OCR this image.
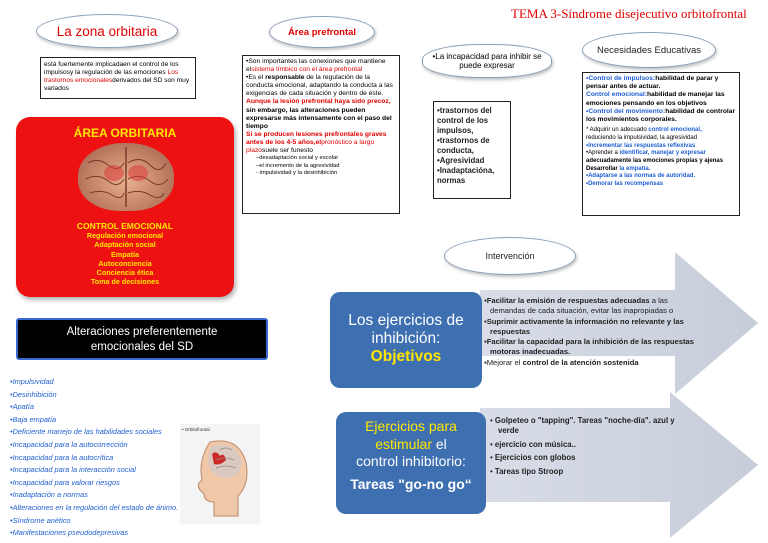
TEMA 3-Síndrome disejecutivo orbitofrontal
La zona orbitaria
está fuertemente implicadaen el control de los impulsosy la regulación de las emociones Los trastornos emocionalesderivados del SD son muy variados
ÁREA ORBITARIA
CONTROL EMOCIONAL
Regulación emocional
Adaptación social
Empatía
Autoconciencia
Conciencia ética
Toma de decisiones
Alteraciones preferentemente
emocionales del SD
•Impulsividad
•Desinhibición
•Apatía
•Baja empatía
•Deficiente manejo de las habilidades sociales
•Incapacidad para la autocorrección
•Incapacidad para la autocrítica
•Incapacidad para la interacción social
•Incapacidad para valorar riesgos
•Inadaptación a normas
•Alteraciones en la regulación del estado de ánimo.
•Síndrome anético
•Manifestaciones pseudodepresivas
• Orbitofrontal
Área prefrontal
•Son importantes las conexiones que mantiene elsistema límbico con el área prefrontal
•Es el responsable de la regulación de la conducta emocional, adaptando la conducta a las exigencias de cada situación y dentro de éste.
Aunque la lesión prefrontal haya sido precoz, sin embargo, las alteraciones pueden expresarse más intensamente con el paso del tiempo
Si se producen lesiones prefrontales graves antes de los 4-5 años,elpronóstico a largo plazosuele ser funesto
–desadaptación social y escolar
–el incremento de la agresividad
- impulsividad y la desinhibición
•La incapacidad para inhibir se puede expresar
•trastornos del control de los impulsos,
•trastornos de conducta,
•Agresividad
•Inadaptacióna, normas
Necesidades Educativas
•Control de impulsos:habilidad de parar y pensar antes de actuar.
Control emocional:habilidad de manejar las emociones pensando en los objetivos
•Control del movimiento:habilidad de controlar los movimientos corporales.
* Adquirir un adecuado control emocional,
reduciendo la impulsividad, la agresividad
•Incrementar las respuestas reflexivas
•Aprender a identificar, manejar y expresar adecuadamente las emociones propias y ajenas
Desarrollar la empatía.
•Adaptarse a las normas de autoridad.
•Demorar las recompensas
Intervención
Los ejercicios de
inhibición:
Objetivos
▪Facilitar la emisión de respuestas adecuadas a las demandas de cada situación, evitar las inapropiadas o
▪Suprimir activamente la información no relevante y las respuestas
▪Facilitar la capacidad para la inhibición de las respuestas motoras inadecuadas.
▪Mejorar el control de la atención sostenida
Ejercicios para
estimular el
control inhibitorio:
Tareas "go-no go“
• Golpeteo o "tapping". Tareas "noche-día". azul y verde
• ejercicio con música..
• Ejercicios con globos
• Tareas tipo Stroop
